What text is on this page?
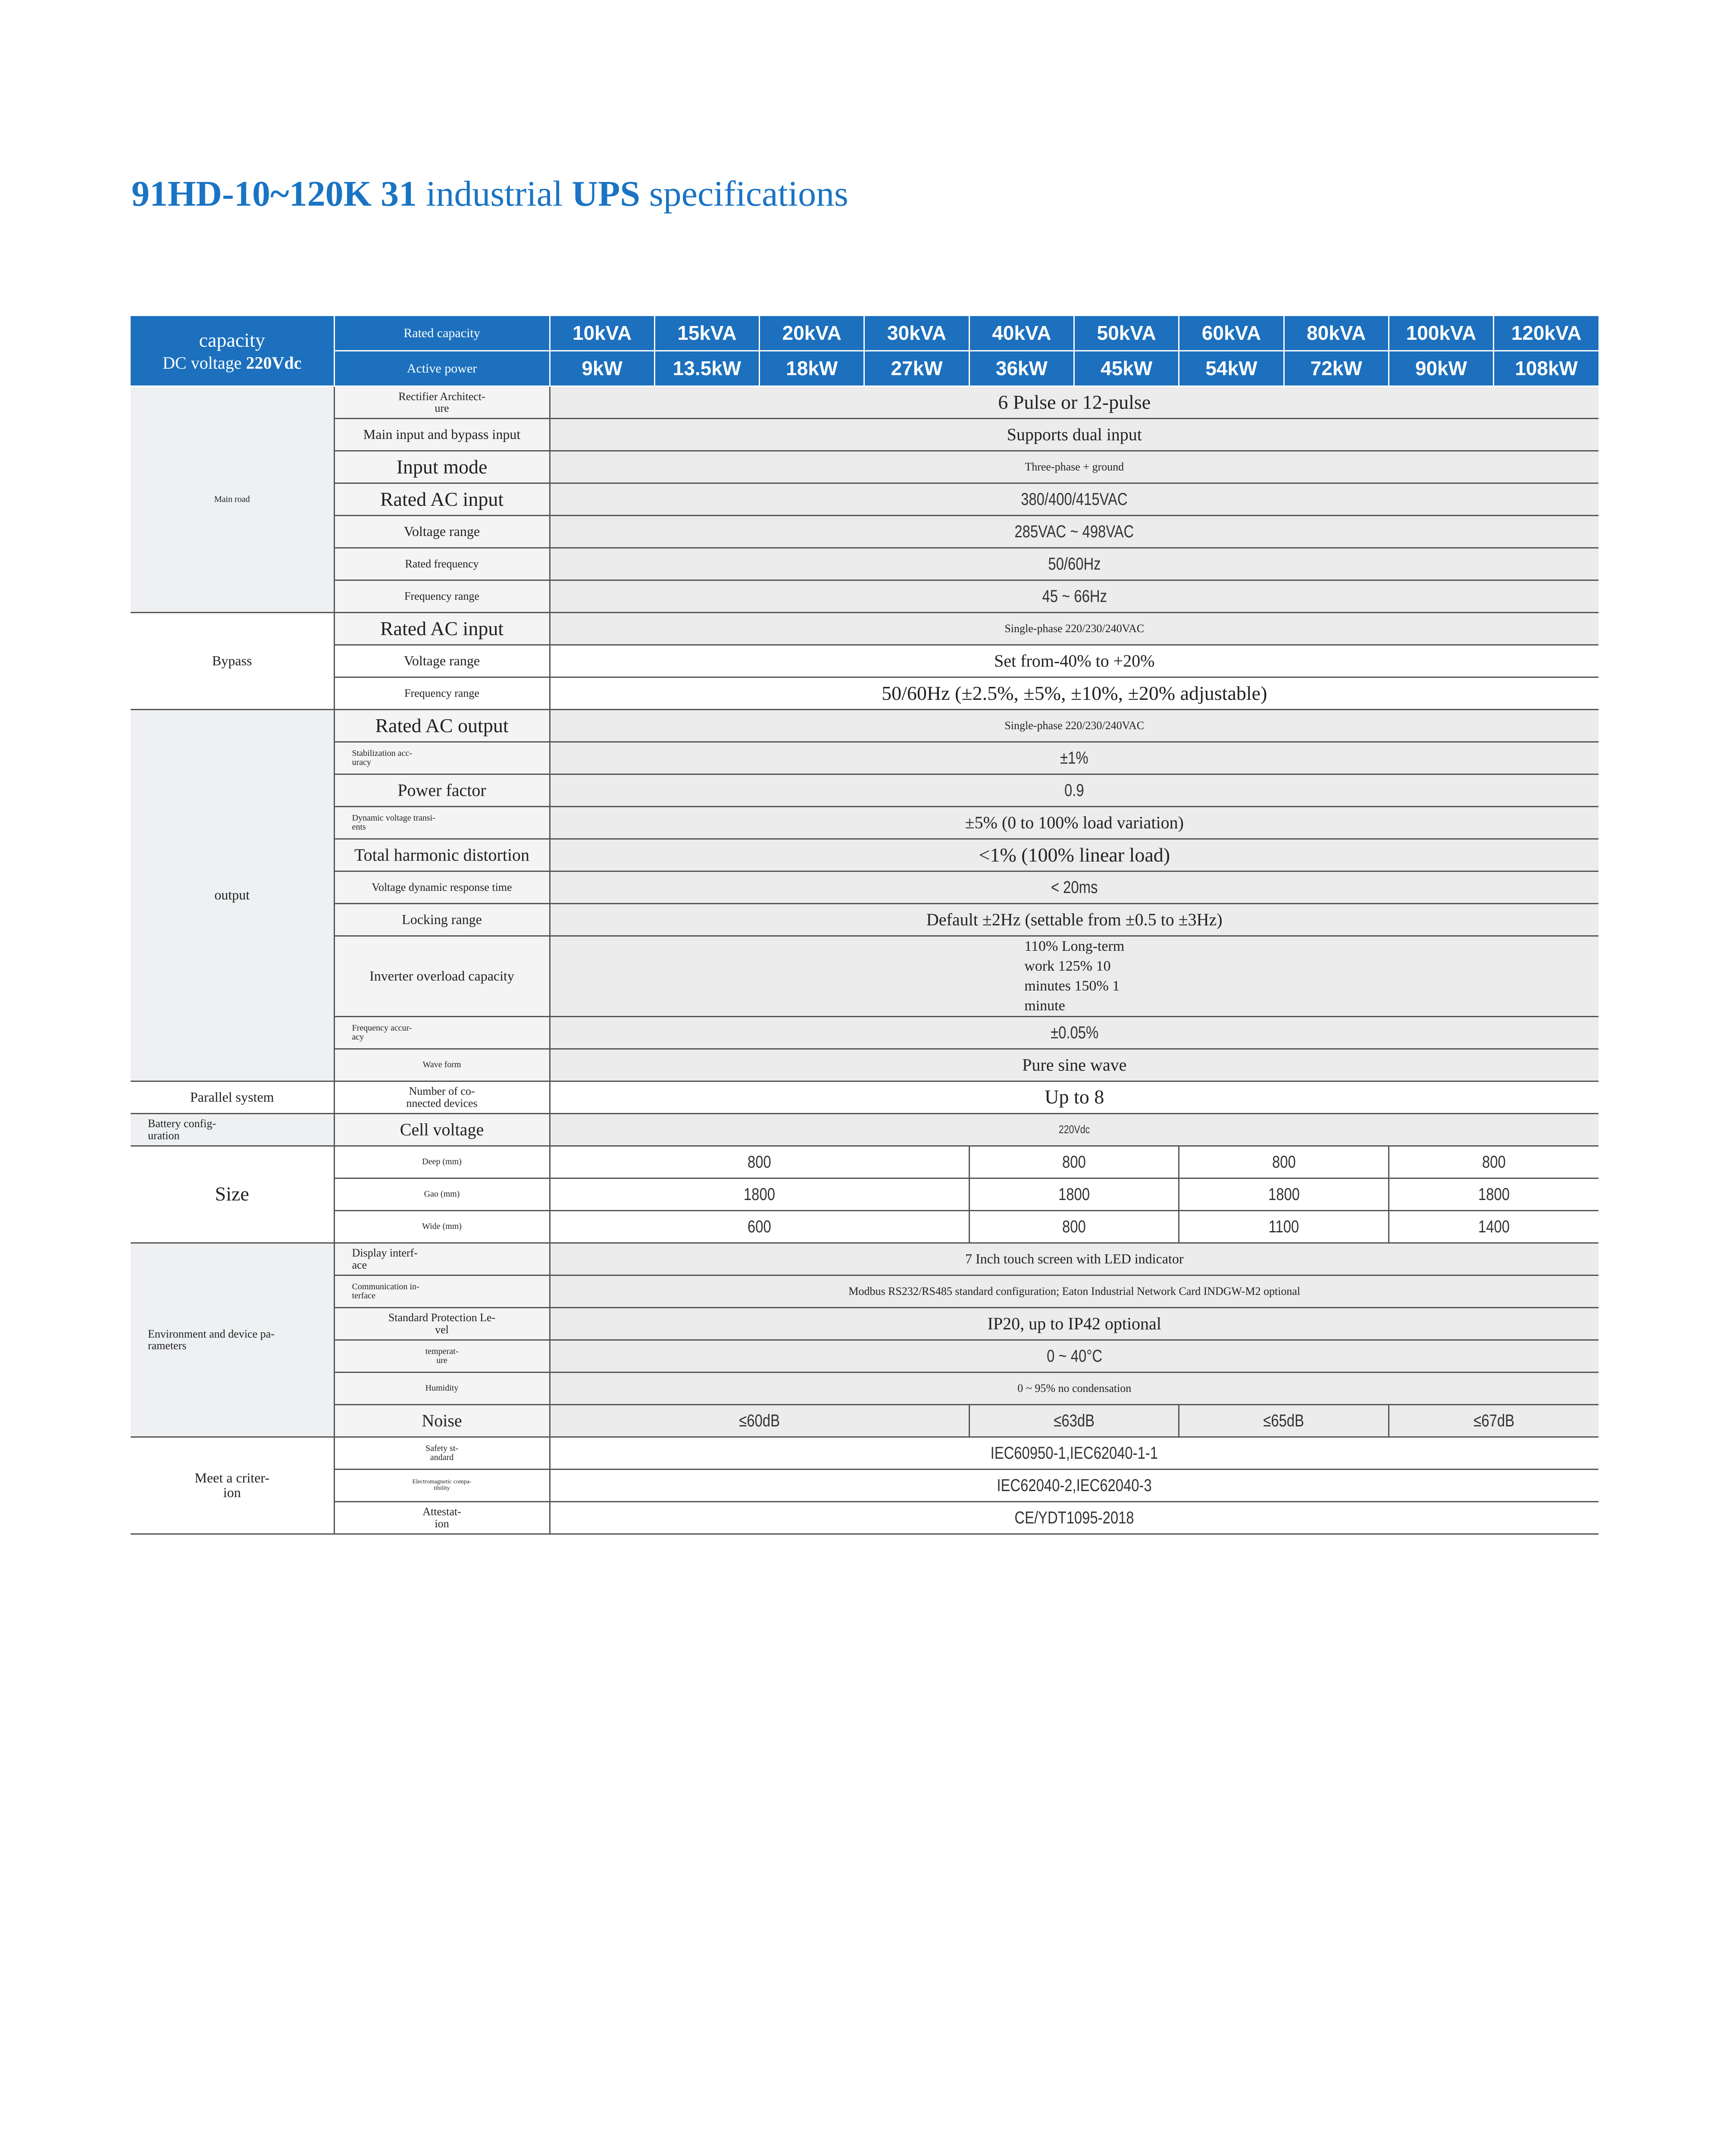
91HD-10~120K 31 industrial UPS specifications
capacity
DC voltage 220Vdc	Rated capacity	10kVA	15kVA	20kVA	30kVA	40kVA	50kVA	60kVA	80kVA	100kVA	120kVA
	Active power	9kW	13.5kW	18kW	27kW	36kW	45kW	54kW	72kW	90kW	108kW
Main road	Rectifier Architect-
ure	6 Pulse or 12-pulse									
	Main input and bypass input	Supports dual input									
	Input mode	Three-phase + ground									
	Rated AC input	380/400/415VAC									
	Voltage range	285VAC ~ 498VAC									
	Rated frequency	50/60Hz									
	Frequency range	45 ~ 66Hz									
Bypass	Rated AC input	Single-phase 220/230/240VAC									
	Voltage range	Set from-40% to +20%									
	Frequency range	50/60Hz (±2.5%, ±5%, ±10%, ±20% adjustable)									
output	Rated AC output	Single-phase 220/230/240VAC									
	Stabilization acc-
uracy	±1%									
	Power factor	0.9									
	Dynamic voltage transi-
ents	±5% (0 to 100% load variation)									
	Total harmonic distortion	<1% (100% linear load)									
	Voltage dynamic response time	< 20ms									
	Locking range	Default ±2Hz (settable from ±0.5 to ±3Hz)									
	Inverter overload capacity	110% Long-term
work 125% 10
minutes 150% 1
minute									
	Frequency accur-
acy	±0.05%									
	Wave form	Pure sine wave									
Parallel system	Number of co-
nnected devices	Up to 8									
Battery config-
uration	Cell voltage	220Vdc									
Size	Deep (mm)	800				800		800		800	
	Gao (mm)	1800				1800		1800		1800	
	Wide (mm)	600				800		1100		1400	
Environment and device pa-
rameters	Display interf-
ace	7 Inch touch screen with LED indicator									
	Communication in-
terface	Modbus RS232/RS485 standard configuration; Eaton Industrial Network Card INDGW-M2 optional									
	Standard Protection Le-
vel	IP20, up to IP42 optional									
	temperat-
ure	0 ~ 40°C									
	Humidity	0 ~ 95% no condensation									
	Noise	≤60dB				≤63dB		≤65dB		≤67dB	
Meet a criter-
ion	Safety st-
andard	IEC60950-1,IEC62040-1-1									
	Electromagnetic compa-
tibility	IEC62040-2,IEC62040-3									
	Attestat-
ion	CE/YDT1095-2018									
